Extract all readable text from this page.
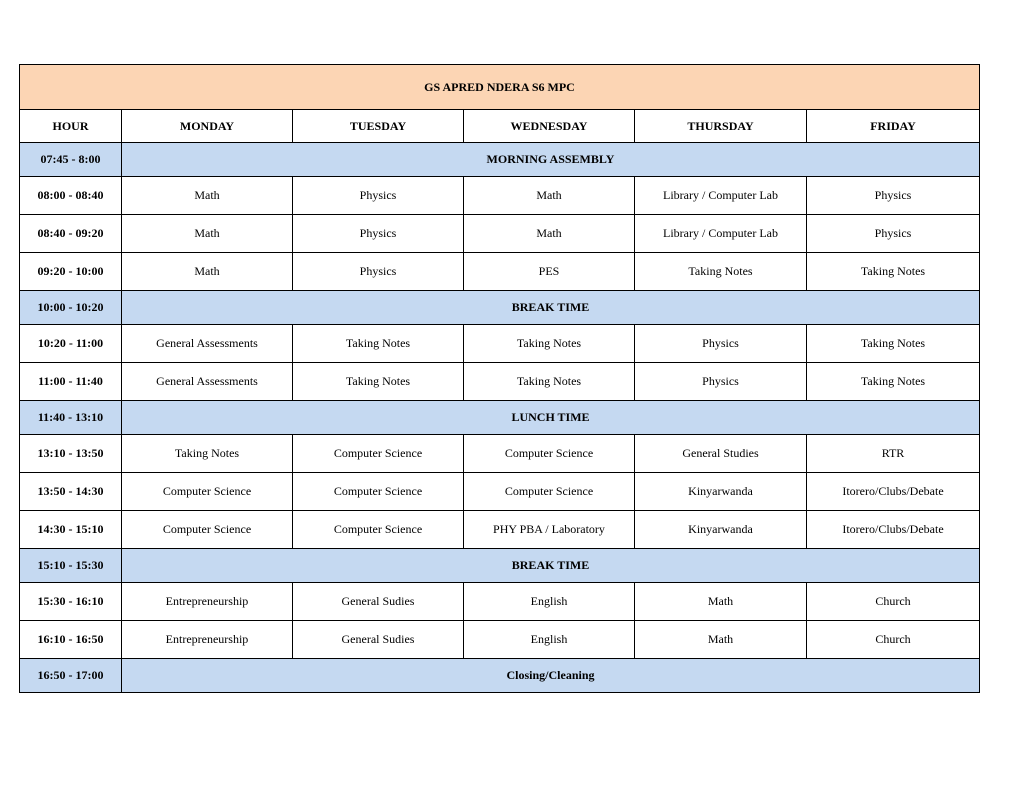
GS APRED NDERA S6 MPC					
HOUR	MONDAY	TUESDAY	WEDNESDAY	THURSDAY	FRIDAY
07:45 - 8:00	MORNING ASSEMBLY				
08:00 - 08:40	Math	Physics	Math	Library / Computer Lab	Physics
08:40 - 09:20	Math	Physics	Math	Library / Computer Lab	Physics
09:20 - 10:00	Math	Physics	PES	Taking Notes	Taking Notes
10:00 - 10:20	BREAK TIME				
10:20 - 11:00	General Assessments	Taking Notes	Taking Notes	Physics	Taking Notes
11:00 - 11:40	General Assessments	Taking Notes	Taking Notes	Physics	Taking Notes
11:40 - 13:10	LUNCH TIME				
13:10 - 13:50	Taking Notes	Computer Science	Computer Science	General Studies	RTR
13:50 - 14:30	Computer Science	Computer Science	Computer Science	Kinyarwanda	Itorero/Clubs/Debate
14:30 - 15:10	Computer Science	Computer Science	PHY PBA / Laboratory	Kinyarwanda	Itorero/Clubs/Debate
15:10 - 15:30	BREAK TIME				
15:30 - 16:10	Entrepreneurship	General Sudies	English	Math	Church
16:10 - 16:50	Entrepreneurship	General Sudies	English	Math	Church
16:50 - 17:00	Closing/Cleaning				
